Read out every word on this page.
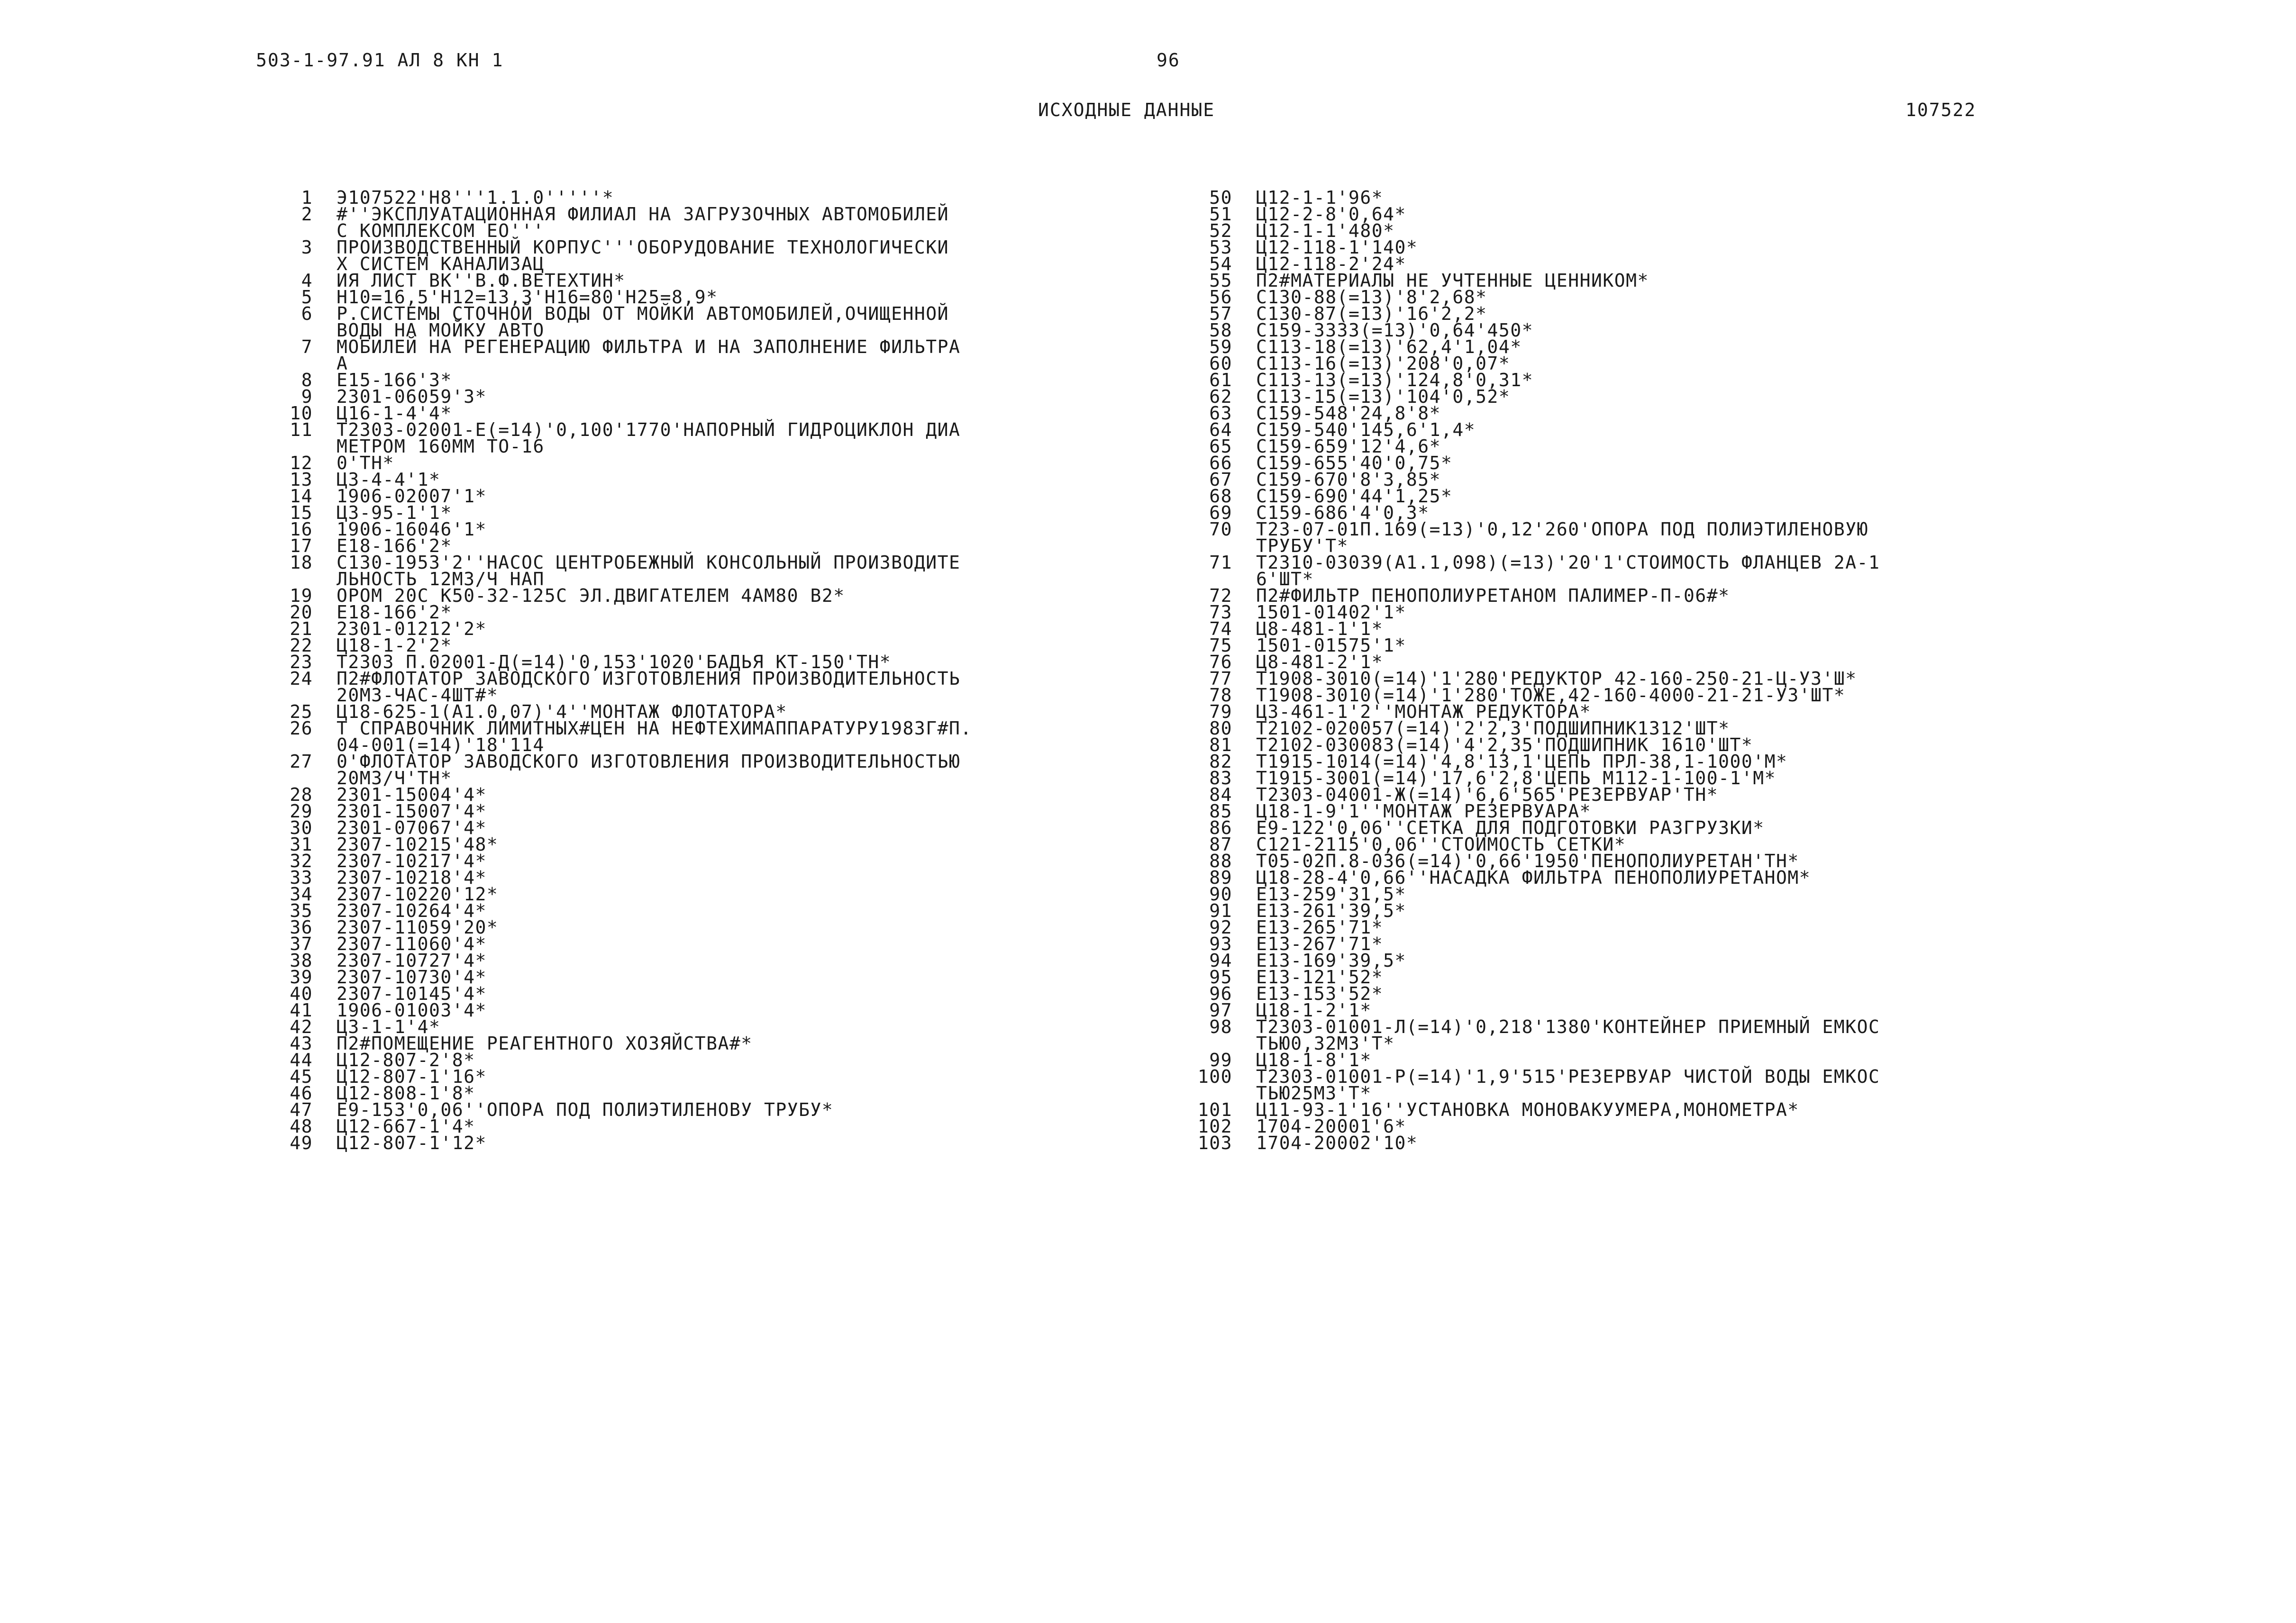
503-1-97.91 АЛ 8 КН 1	96
ИСХОДНЫЕ ДАННЫЕ	107522
1	Э107522'Н8'''1.1.0'''''*
2	#''ЭКСПЛУАТАЦИОННАЯ ФИЛИАЛ НА ЗАГРУЗОЧНЫХ АВТОМОБИЛЕЙ
С КОМПЛЕКСОМ ЕО'''
3	ПРОИЗВОДСТВЕННЫЙ КОРПУС'''ОБОРУДОВАНИЕ ТЕХНОЛОГИЧЕСКИ
Х СИСТЕМ КАНАЛИЗАЦ
4	ИЯ ЛИСТ ВК''В.Ф.ВЕТЕХТИН*
5	Н10=16,5'Н12=13,3'Н16=80'Н25=8,9*
6	Р.СИСТЕМЫ СТОЧНОЙ ВОДЫ ОТ МОЙКИ АВТОМОБИЛЕЙ,ОЧИЩЕННОЙ
ВОДЫ НА МОЙКУ АВТО
7	МОБИЛЕЙ НА РЕГЕНЕРАЦИЮ ФИЛЬТРА И НА ЗАПОЛНЕНИЕ ФИЛЬТРА
А
8	Е15-166'3*
9	2301-06059'3*
10	Ц16-1-4'4*
11	Т2303-02001-Е(=14)'0,100'1770'НАПОРНЫЙ ГИДРОЦИКЛОН ДИА
МЕТРОМ 160ММ ТО-16
12	0'ТН*
13	Ц3-4-4'1*
14	1906-02007'1*
15	Ц3-95-1'1*
16	1906-16046'1*
17	Е18-166'2*
18	С130-1953'2''НАСОС ЦЕНТРОБЕЖНЫЙ КОНСОЛЬНЫЙ ПРОИЗВОДИТЕ
ЛЬНОСТЬ 12М3/Ч НАП
19	ОРОМ 20С К50-32-125С ЭЛ.ДВИГАТЕЛЕМ 4АМ80 В2*
20	Е18-166'2*
21	2301-01212'2*
22	Ц18-1-2'2*
23	Т2303 П.02001-Д(=14)'0,153'1020'БАДЬЯ КТ-150'ТН*
24	П2#ФЛОТАТОР ЗАВОДСКОГО ИЗГОТОВЛЕНИЯ ПРОИЗВОДИТЕЛЬНОСТЬ
20М3-ЧАС-4ШТ#*
25	Ц18-625-1(А1.0,07)'4''МОНТАЖ ФЛОТАТОРА*
26	Т СПРАВОЧНИК ЛИМИТНЫХ#ЦЕН НА НЕФТЕХИМАППАРАТУРУ1983Г#П.
04-001(=14)'18'114
27	0'ФЛОТАТОР ЗАВОДСКОГО ИЗГОТОВЛЕНИЯ ПРОИЗВОДИТЕЛЬНОСТЬЮ
20М3/Ч'ТН*
28	2301-15004'4*
29	2301-15007'4*
30	2301-07067'4*
31	2307-10215'48*
32	2307-10217'4*
33	2307-10218'4*
34	2307-10220'12*
35	2307-10264'4*
36	2307-11059'20*
37	2307-11060'4*
38	2307-10727'4*
39	2307-10730'4*
40	2307-10145'4*
41	1906-01003'4*
42	Ц3-1-1'4*
43	П2#ПОМЕЩЕНИЕ РЕАГЕНТНОГО ХОЗЯЙСТВА#*
44	Ц12-807-2'8*
45	Ц12-807-1'16*
46	Ц12-808-1'8*
47	Е9-153'0,06''ОПОРА ПОД ПОЛИЭТИЛЕНОВУ ТРУБУ*
48	Ц12-667-1'4*
49	Ц12-807-1'12*
50	Ц12-1-1'96*
51	Ц12-2-8'0,64*
52	Ц12-1-1'480*
53	Ц12-118-1'140*
54	Ц12-118-2'24*
55	П2#МАТЕРИАЛЫ НЕ УЧТЕННЫЕ ЦЕННИКОМ*
56	С130-88(=13)'8'2,68*
57	С130-87(=13)'16'2,2*
58	С159-3333(=13)'0,64'450*
59	С113-18(=13)'62,4'1,04*
60	С113-16(=13)'208'0,07*
61	С113-13(=13)'124,8'0,31*
62	С113-15(=13)'104'0,52*
63	С159-548'24,8'8*
64	С159-540'145,6'1,4*
65	С159-659'12'4,6*
66	С159-655'40'0,75*
67	С159-670'8'3,85*
68	С159-690'44'1,25*
69	С159-686'4'0,3*
70	Т23-07-01П.169(=13)'0,12'260'ОПОРА ПОД ПОЛИЭТИЛЕНОВУЮ
ТРУБУ'Т*
71	Т2310-03039(А1.1,098)(=13)'20'1'СТОИМОСТЬ ФЛАНЦЕВ 2А-1
6'ШТ*
72	П2#ФИЛЬТР ПЕНОПОЛИУРЕТАНОМ ПАЛИМЕР-П-06#*
73	1501-01402'1*
74	Ц8-481-1'1*
75	1501-01575'1*
76	Ц8-481-2'1*
77	Т1908-3010(=14)'1'280'РЕДУКТОР 42-160-250-21-Ц-У3'Ш*
78	Т1908-3010(=14)'1'280'ТОЖЕ,42-160-4000-21-21-У3'ШТ*
79	Ц3-461-1'2''МОНТАЖ РЕДУКТОРА*
80	Т2102-020057(=14)'2'2,3'ПОДШИПНИК1312'ШТ*
81	Т2102-030083(=14)'4'2,35'ПОДШИПНИК 1610'ШТ*
82	Т1915-1014(=14)'4,8'13,1'ЦЕПЬ ПРЛ-38,1-1000'М*
83	Т1915-3001(=14)'17,6'2,8'ЦЕПЬ М112-1-100-1'М*
84	Т2303-04001-Ж(=14)'6,6'565'РЕЗЕРВУАР'ТН*
85	Ц18-1-9'1''МОНТАЖ РЕЗЕРВУАРА*
86	Е9-122'0,06''СЕТКА ДЛЯ ПОДГОТОВКИ РАЗГРУЗКИ*
87	С121-2115'0,06''СТОИМОСТЬ СЕТКИ*
88	Т05-02П.8-036(=14)'0,66'1950'ПЕНОПОЛИУРЕТАН'ТН*
89	Ц18-28-4'0,66''НАСАДКА ФИЛЬТРА ПЕНОПОЛИУРЕТАНОМ*
90	Е13-259'31,5*
91	Е13-261'39,5*
92	Е13-265'71*
93	Е13-267'71*
94	Е13-169'39,5*
95	Е13-121'52*
96	Е13-153'52*
97	Ц18-1-2'1*
98	Т2303-01001-Л(=14)'0,218'1380'КОНТЕЙНЕР ПРИЕМНЫЙ ЕМКОС
ТЬЮ0,32М3'Т*
99	Ц18-1-8'1*
100	Т2303-01001-Р(=14)'1,9'515'РЕЗЕРВУАР ЧИСТОЙ ВОДЫ ЕМКОС
ТЬЮ25М3'Т*
101	Ц11-93-1'16''УСТАНОВКА МОНОВАКУУМЕРА,МОНОМЕТРА*
102	1704-20001'6*
103	1704-20002'10*
